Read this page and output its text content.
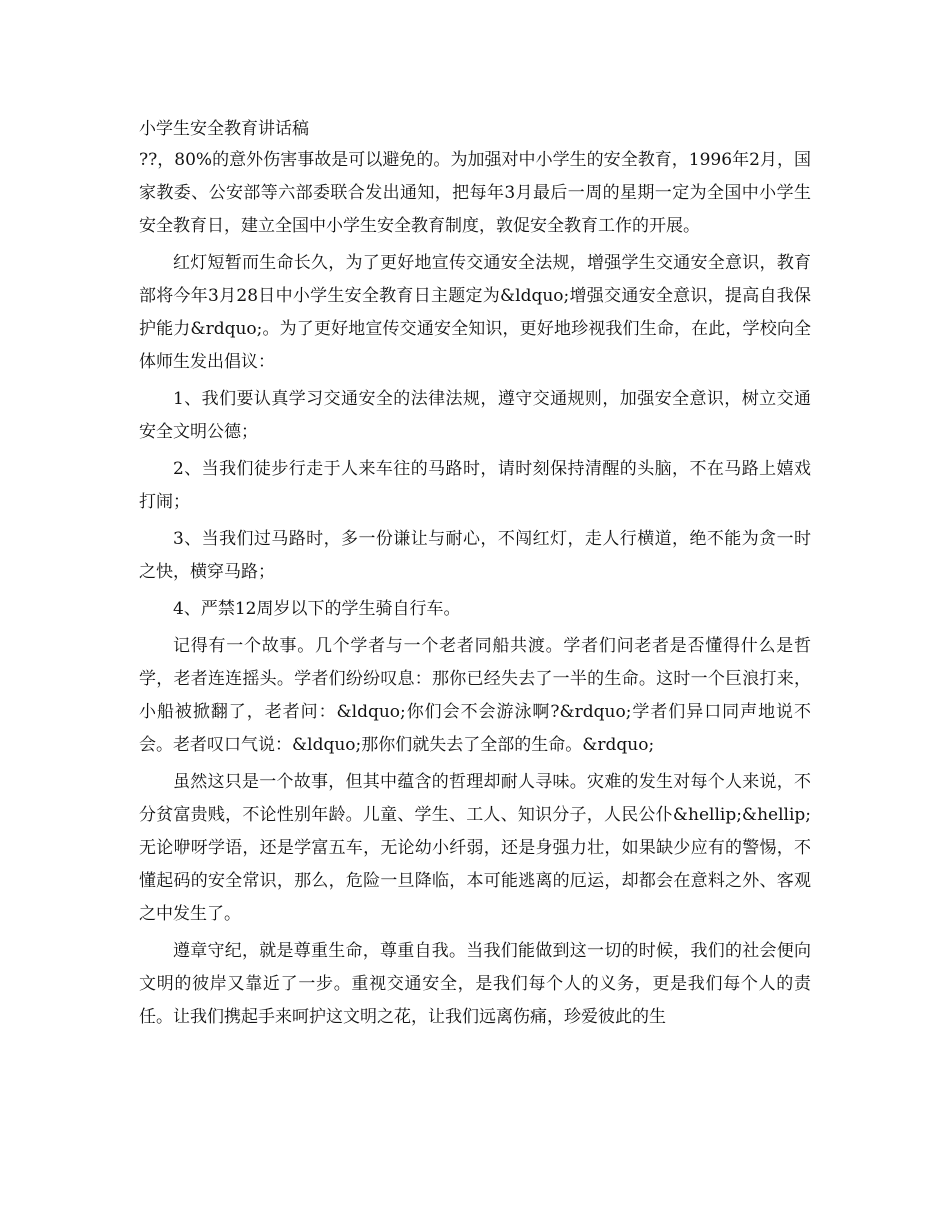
小学生安全教育讲话稿

??，80%的意外伤害事故是可以避免的。为加强对中小学生的安全教育，1996年2月，国家教委、公安部等六部委联合发出通知，把每年3月最后一周的星期一定为全国中小学生安全教育日，建立全国中小学生安全教育制度，敦促安全教育工作的开展。

红灯短暂而生命长久，为了更好地宣传交通安全法规，增强学生交通安全意识，教育部将今年3月28日中小学生安全教育日主题定为&ldquo;增强交通安全意识，提高自我保护能力&rdquo;。为了更好地宣传交通安全知识，更好地珍视我们生命，在此，学校向全体师生发出倡议：

1、我们要认真学习交通安全的法律法规，遵守交通规则，加强安全意识，树立交通安全文明公德；

2、当我们徒步行走于人来车往的马路时，请时刻保持清醒的头脑，不在马路上嬉戏打闹；

3、当我们过马路时，多一份谦让与耐心，不闯红灯，走人行横道，绝不能为贪一时之快，横穿马路；

4、严禁12周岁以下的学生骑自行车。

记得有一个故事。几个学者与一个老者同船共渡。学者们问老者是否懂得什么是哲学，老者连连摇头。学者们纷纷叹息：那你已经失去了一半的生命。这时一个巨浪打来，小船被掀翻了，老者问：&ldquo;你们会不会游泳啊?&rdquo;学者们异口同声地说不会。老者叹口气说：&ldquo;那你们就失去了全部的生命。&rdquo;

虽然这只是一个故事，但其中蕴含的哲理却耐人寻味。灾难的发生对每个人来说，不分贫富贵贱，不论性别年龄。儿童、学生、工人、知识分子，人民公仆&hellip;&hellip;无论咿呀学语，还是学富五车，无论幼小纤弱，还是身强力壮，如果缺少应有的警惕，不懂起码的安全常识，那么，危险一旦降临，本可能逃离的厄运，却都会在意料之外、客观之中发生了。

遵章守纪，就是尊重生命，尊重自我。当我们能做到这一切的时候，我们的社会便向文明的彼岸又靠近了一步。重视交通安全，是我们每个人的义务，更是我们每个人的责任。让我们携起手来呵护这文明之花，让我们远离伤痛，珍爱彼此的生
